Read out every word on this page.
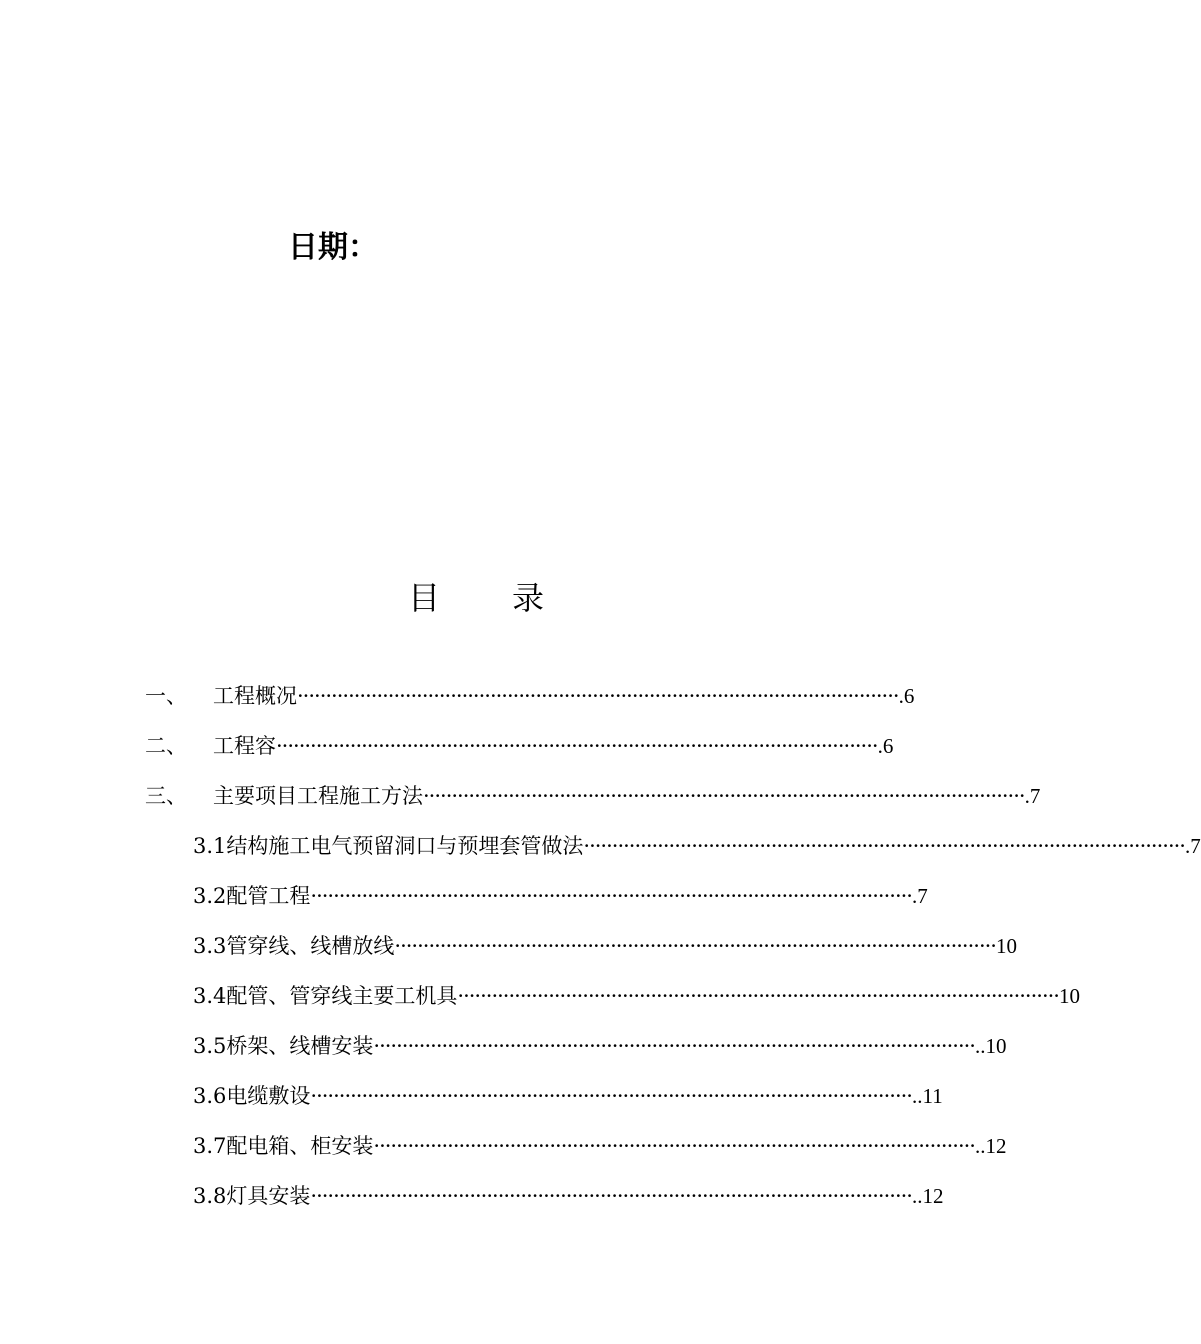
日期：
目 录
一、	工程概况 ·········································································································· .6
二、	工程容 ·········································································································· .6
三、	主要项目工程施工方法 ·········································································································· .7
3.1结构施工电气预留洞口与预埋套管做法 ·········································································································· .7
3.2配管工程 ·········································································································· .7
3.3管穿线、线槽放线 ·········································································································· 10
3.4配管、管穿线主要工机具 ·········································································································· 10
3.5桥架、线槽安装 ·········································································································· ..10
3.6电缆敷设 ·········································································································· ..11
3.7配电箱、柜安装 ·········································································································· ..12
3.8灯具安装 ·········································································································· ..12
